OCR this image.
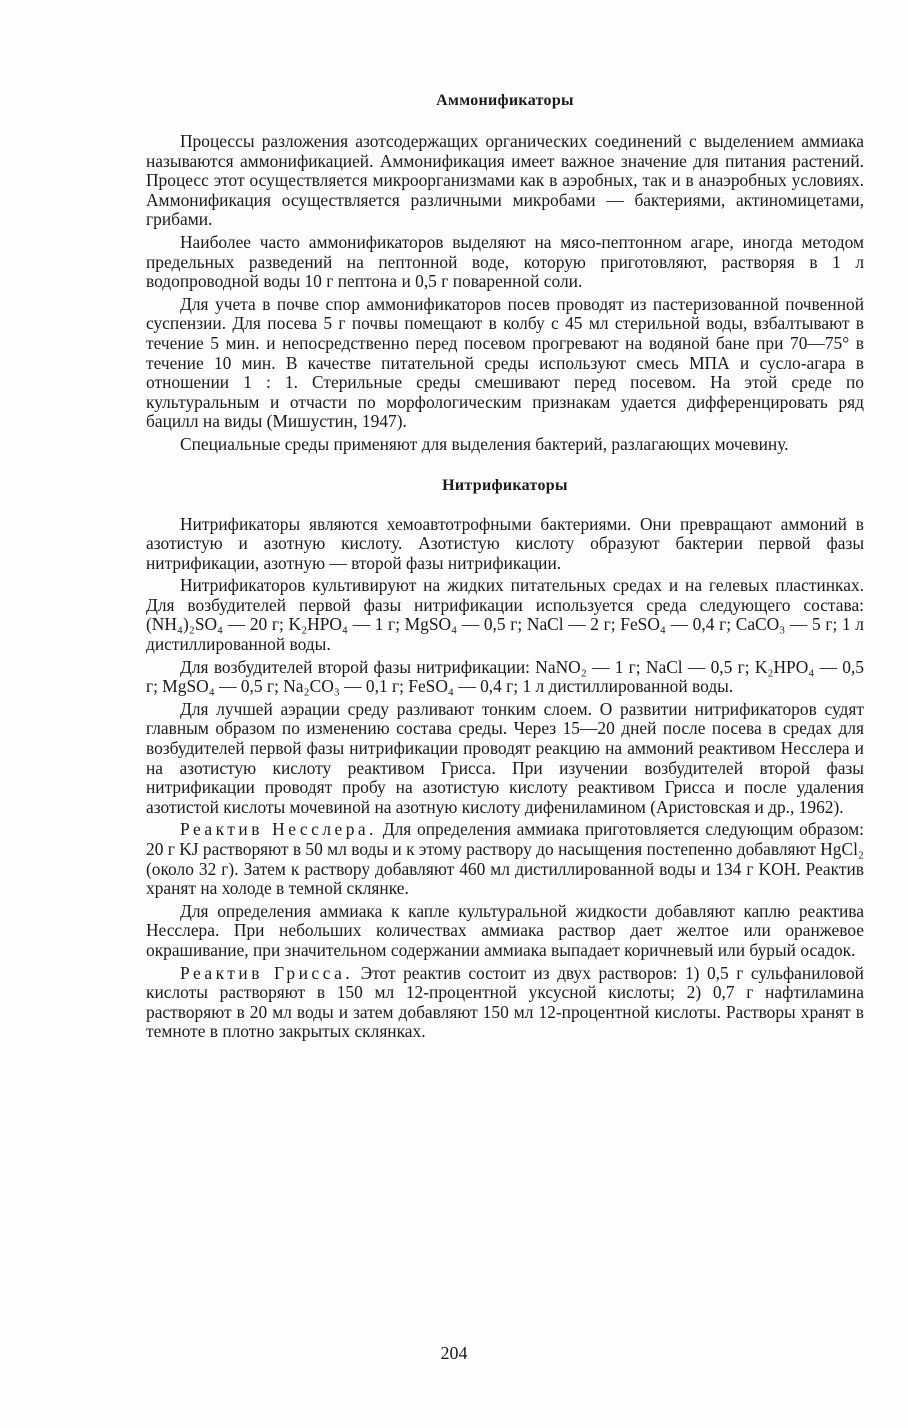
Аммонификаторы

Процессы разложения азотсодержащих органических соединений с выделением аммиака называются аммонификацией. Аммонификация имеет важное значение для питания растений. Процесс этот осуществляется микроорганизмами как в аэробных, так и в анаэробных условиях. Аммонификация осуществляется различными микробами — бактериями, актиномицетами, грибами.

Наиболее часто аммонификаторов выделяют на мясо-пептонном агаре, иногда методом предельных разведений на пептонной воде, которую приготовляют, растворяя в 1 л водопроводной воды 10 г пептона и 0,5 г поваренной соли.

Для учета в почве спор аммонификаторов посев проводят из пастеризованной почвенной суспензии. Для посева 5 г почвы помещают в колбу с 45 мл стерильной воды, взбалтывают в течение 5 мин. и непосредственно перед посевом прогревают на водяной бане при 70—75° в течение 10 мин. В качестве питательной среды используют смесь МПА и сусло-агара в отношении 1 : 1. Стерильные среды смешивают перед посевом. На этой среде по культуральным и отчасти по морфологическим признакам удается дифференцировать ряд бацилл на виды (Мишустин, 1947).

Специальные среды применяют для выделения бактерий, разлагающих мочевину.

Нитрификаторы

Нитрификаторы являются хемоавтотрофными бактериями. Они превращают аммоний в азотистую и азотную кислоту. Азотистую кислоту образуют бактерии первой фазы нитрификации, азотную — второй фазы нитрификации.

Нитрификаторов культивируют на жидких питательных средах и на гелевых пластинках. Для возбудителей первой фазы нитрификации используется среда следующего состава: (NH₄)₂SO₄ — 20 г; K₂HPO₄ — 1 г; MgSO₄ — 0,5 г; NaCl — 2 г; FeSO₄ — 0,4 г; CaCO₃ — 5 г; 1 л дистиллированной воды.

Для возбудителей второй фазы нитрификации: NaNO₂ — 1 г; NaCl — 0,5 г; K₂HPO₄ — 0,5 г; MgSO₄ — 0,5 г; Na₂CO₃ — 0,1 г; FeSO₄ — 0,4 г; 1 л дистиллированной воды.

Для лучшей аэрации среду разливают тонким слоем. О развитии нитрификаторов судят главным образом по изменению состава среды. Через 15—20 дней после посева в средах для возбудителей первой фазы нитрификации проводят реакцию на аммоний реактивом Несслера и на азотистую кислоту реактивом Грисса. При изучении возбудителей второй фазы нитрификации проводят пробу на азотистую кислоту реактивом Грисса и после удаления азотистой кислоты мочевиной на азотную кислоту дифениламином (Аристовская и др., 1962).

Реактив Несслера. Для определения аммиака приготовляется следующим образом: 20 г KJ растворяют в 50 мл воды и к этому раствору до насыщения постепенно добавляют HgCl₂ (около 32 г). Затем к раствору добавляют 460 мл дистиллированной воды и 134 г KOH. Реактив хранят на холоде в темной склянке.

Для определения аммиака к капле культуральной жидкости добавляют каплю реактива Несслера. При небольших количествах аммиака раствор дает желтое или оранжевое окрашивание, при значительном содержании аммиака выпадает коричневый или бурый осадок.

Реактив Грисса. Этот реактив состоит из двух растворов: 1) 0,5 г сульфаниловой кислоты растворяют в 150 мл 12-процентной уксусной кислоты; 2) 0,7 г нафтиламина растворяют в 20 мл воды и затем добавляют 150 мл 12-процентной кислоты. Растворы хранят в темноте в плотно закрытых склянках.

204
